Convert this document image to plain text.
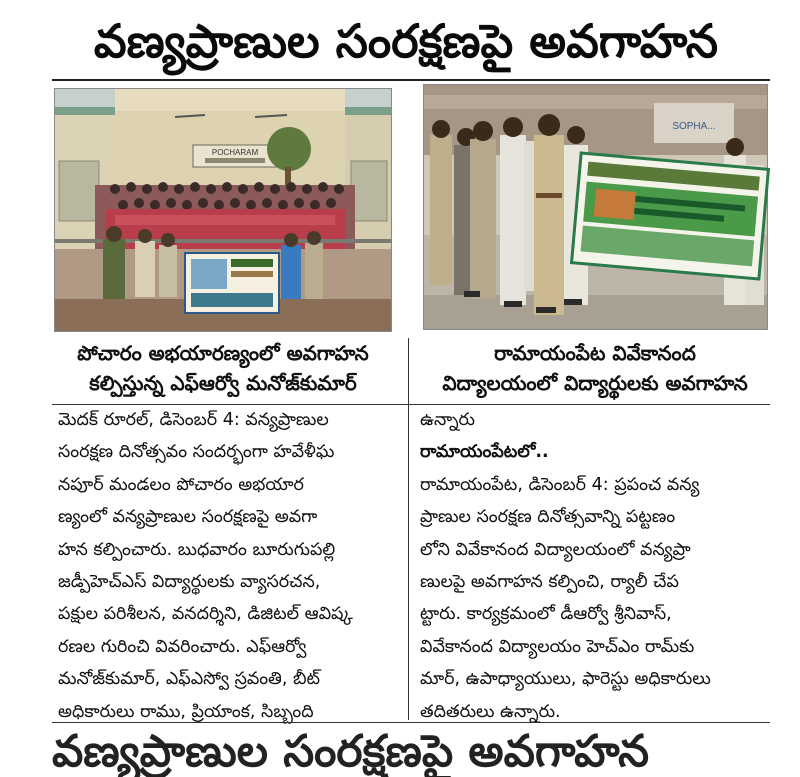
వణ్యప్రాణుల సంరక్షణపై అవగాహన
POCHARAM
SOPHA...
పోచారం అభయారణ్యంలో అవగాహన
కల్పిస్తున్న ఎఫ్ఆర్వో మనోజ్‌కుమార్
రామాయంపేట వివేకానంద
విద్యాలయంలో విద్యార్థులకు అవగాహన
మెదక్ రూరల్, డిసెంబర్ 4: వన్యప్రాణుల
సంరక్షణ దినోత్సవం సందర్భంగా హవేళీఘ
నపూర్ మండలం పోచారం అభయార
ణ్యంలో వన్యప్రాణుల సంరక్షణపై అవగా
హన కల్పించారు. బుధవారం బూరుగుపల్లి
జడ్పీహెచ్ఎస్ విద్యార్థులకు వ్యాసరచన,
పక్షుల పరిశీలన, వనదర్శిని, డిజిటల్ ఆవిష్క
రణల గురించి వివరించారు. ఎఫ్ఆర్వో
మనోజ్‌కుమార్, ఎఫ్ఎస్వో స్రవంతి, బీట్
అధికారులు రాము, ప్రియాంక, సిబ్బంది
ఉన్నారు
రామాయంపేటలో..
రామాయంపేట, డిసెంబర్ 4: ప్రపంచ వన్య
ప్రాణుల సంరక్షణ దినోత్సవాన్ని పట్టణం
లోని వివేకానంద విద్యాలయంలో వన్యప్రా
ణులపై అవగాహన కల్పించి, ర్యాలీ చేప
ట్టారు. కార్యక్రమంలో డీఆర్వో శ్రీనివాస్,
వివేకానంద విద్యాలయం హెచ్ఎం రామ్‌కు
మార్, ఉపాధ్యాయులు, ఫారెస్టు అధికారులు
తదితరులు ఉన్నారు.
వణ్యప్రాణుల సంరక్షణపై అవగాహన
